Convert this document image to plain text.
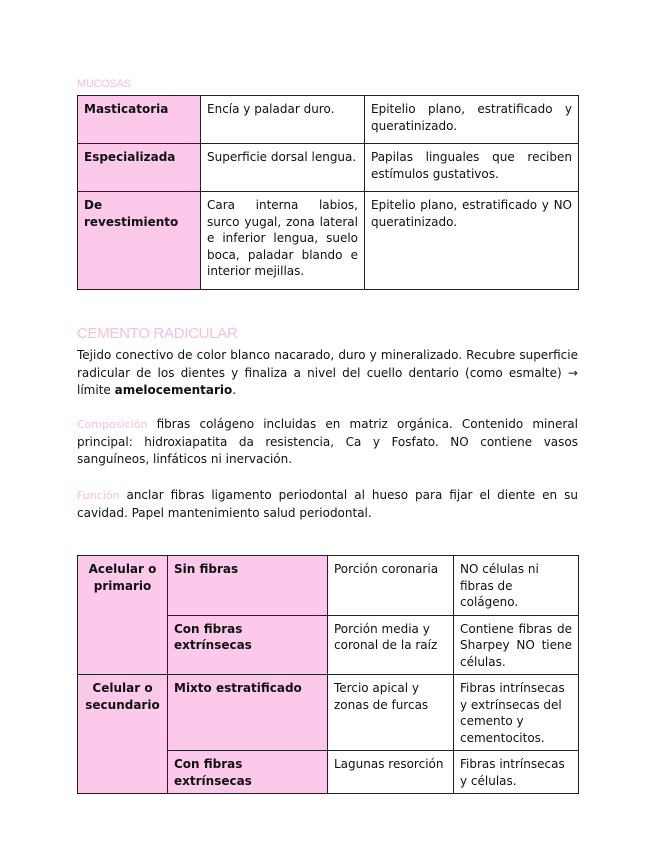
MUCOSAS
Masticatoria	Encía y paladar duro.	Epitelio plano, estratificado y queratinizado.
Especializada	Superficie dorsal lengua.	Papilas linguales que reciben estímulos gustativos.
De revestimiento	Cara interna labios, surco yugal, zona lateral e inferior lengua, suelo boca, paladar blando e interior mejillas.	Epitelio plano, estratificado y NO queratinizado.
CEMENTO RADICULAR
Tejido conectivo de color blanco nacarado, duro y mineralizado. Recubre superficie radicular de los dientes y finaliza a nivel del cuello dentario (como esmalte) → límite amelocementario.
Composición fibras colágeno incluidas en matriz orgánica. Contenido mineral principal: hidroxiapatita da resistencia, Ca y Fosfato. NO contiene vasos sanguíneos, linfáticos ni inervación.
Función anclar fibras ligamento periodontal al hueso para fijar el diente en su cavidad. Papel mantenimiento salud periodontal.
Acelular o primario	Sin fibras	Porción coronaria	NO células ni fibras de colágeno.
	Con fibras extrínsecas	Porción media y coronal de la raíz	Contiene fibras de Sharpey NO tiene células.
Celular o secundario	Mixto estratificado	Tercio apical y zonas de furcas	Fibras intrínsecas y extrínsecas del cemento y cementocitos.
	Con fibras extrínsecas	Lagunas resorción	Fibras intrínsecas y células.
